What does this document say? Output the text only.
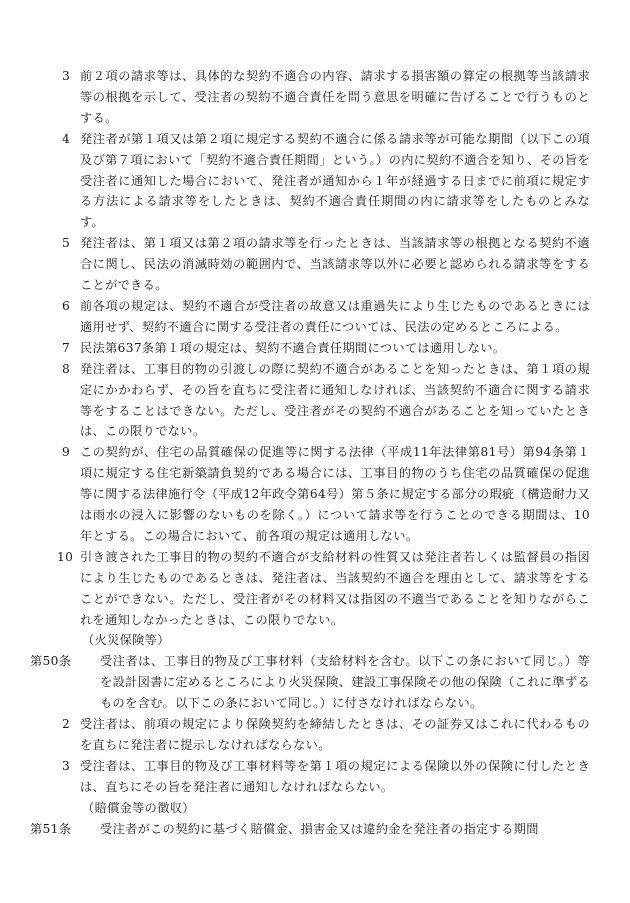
3 前２項の請求等は、具体的な契約不適合の内容、請求する損害額の算定の根拠等当該請求等の根拠を示して、受注者の契約不適合責任を問う意思を明確に告げることで行うものとする。
4 発注者が第１項又は第２項に規定する契約不適合に係る請求等が可能な期間（以下この項及び第７項において「契約不適合責任期間」という。）の内に契約不適合を知り、その旨を受注者に通知した場合において、発注者が通知から１年が経過する日までに前項に規定する方法による請求等をしたときは、契約不適合責任期間の内に請求等をしたものとみなす。
5 発注者は、第１項又は第２項の請求等を行ったときは、当該請求等の根拠となる契約不適合に関し、民法の消滅時効の範囲内で、当該請求等以外に必要と認められる請求等をすることができる。
6 前各項の規定は、契約不適合が受注者の故意又は重過失により生じたものであるときには適用せず、契約不適合に関する受注者の責任については、民法の定めるところによる。
7 民法第637条第１項の規定は、契約不適合責任期間については適用しない。
8 発注者は、工事目的物の引渡しの際に契約不適合があることを知ったときは、第１項の規定にかかわらず、その旨を直ちに受注者に通知しなければ、当該契約不適合に関する請求等をすることはできない。ただし、受注者がその契約不適合があることを知っていたときは、この限りでない。
9 この契約が、住宅の品質確保の促進等に関する法律（平成11年法律第81号）第94条第１項に規定する住宅新築請負契約である場合には、工事目的物のうち住宅の品質確保の促進等に関する法律施行令（平成12年政令第64号）第５条に規定する部分の瑕疵（構造耐力又は雨水の浸入に影響のないものを除く。）について請求等を行うことのできる期間は、10年とする。この場合において、前各項の規定は適用しない。
10 引き渡された工事目的物の契約不適合が支給材料の性質又は発注者若しくは監督員の指図により生じたものであるときは、発注者は、当該契約不適合を理由として、請求等をすることができない。ただし、受注者がその材料又は指図の不適当であることを知りながらこれを通知しなかったときは、この限りでない。
（火災保険等）
第50条 受注者は、工事目的物及び工事材料（支給材料を含む。以下この条において同じ。）等を設計図書に定めるところにより火災保険、建設工事保険その他の保険（これに準ずるものを含む。以下この条において同じ。）に付さなければならない。
2 受注者は、前項の規定により保険契約を締結したときは、その証券又はこれに代わるものを直ちに発注者に提示しなければならない。
3 受注者は、工事目的物及び工事材料等を第１項の規定による保険以外の保険に付したときは、直ちにその旨を発注者に通知しなければならない。
（賠償金等の徴収）
第51条 受注者がこの契約に基づく賠償金、損害金又は違約金を発注者の指定する期間
